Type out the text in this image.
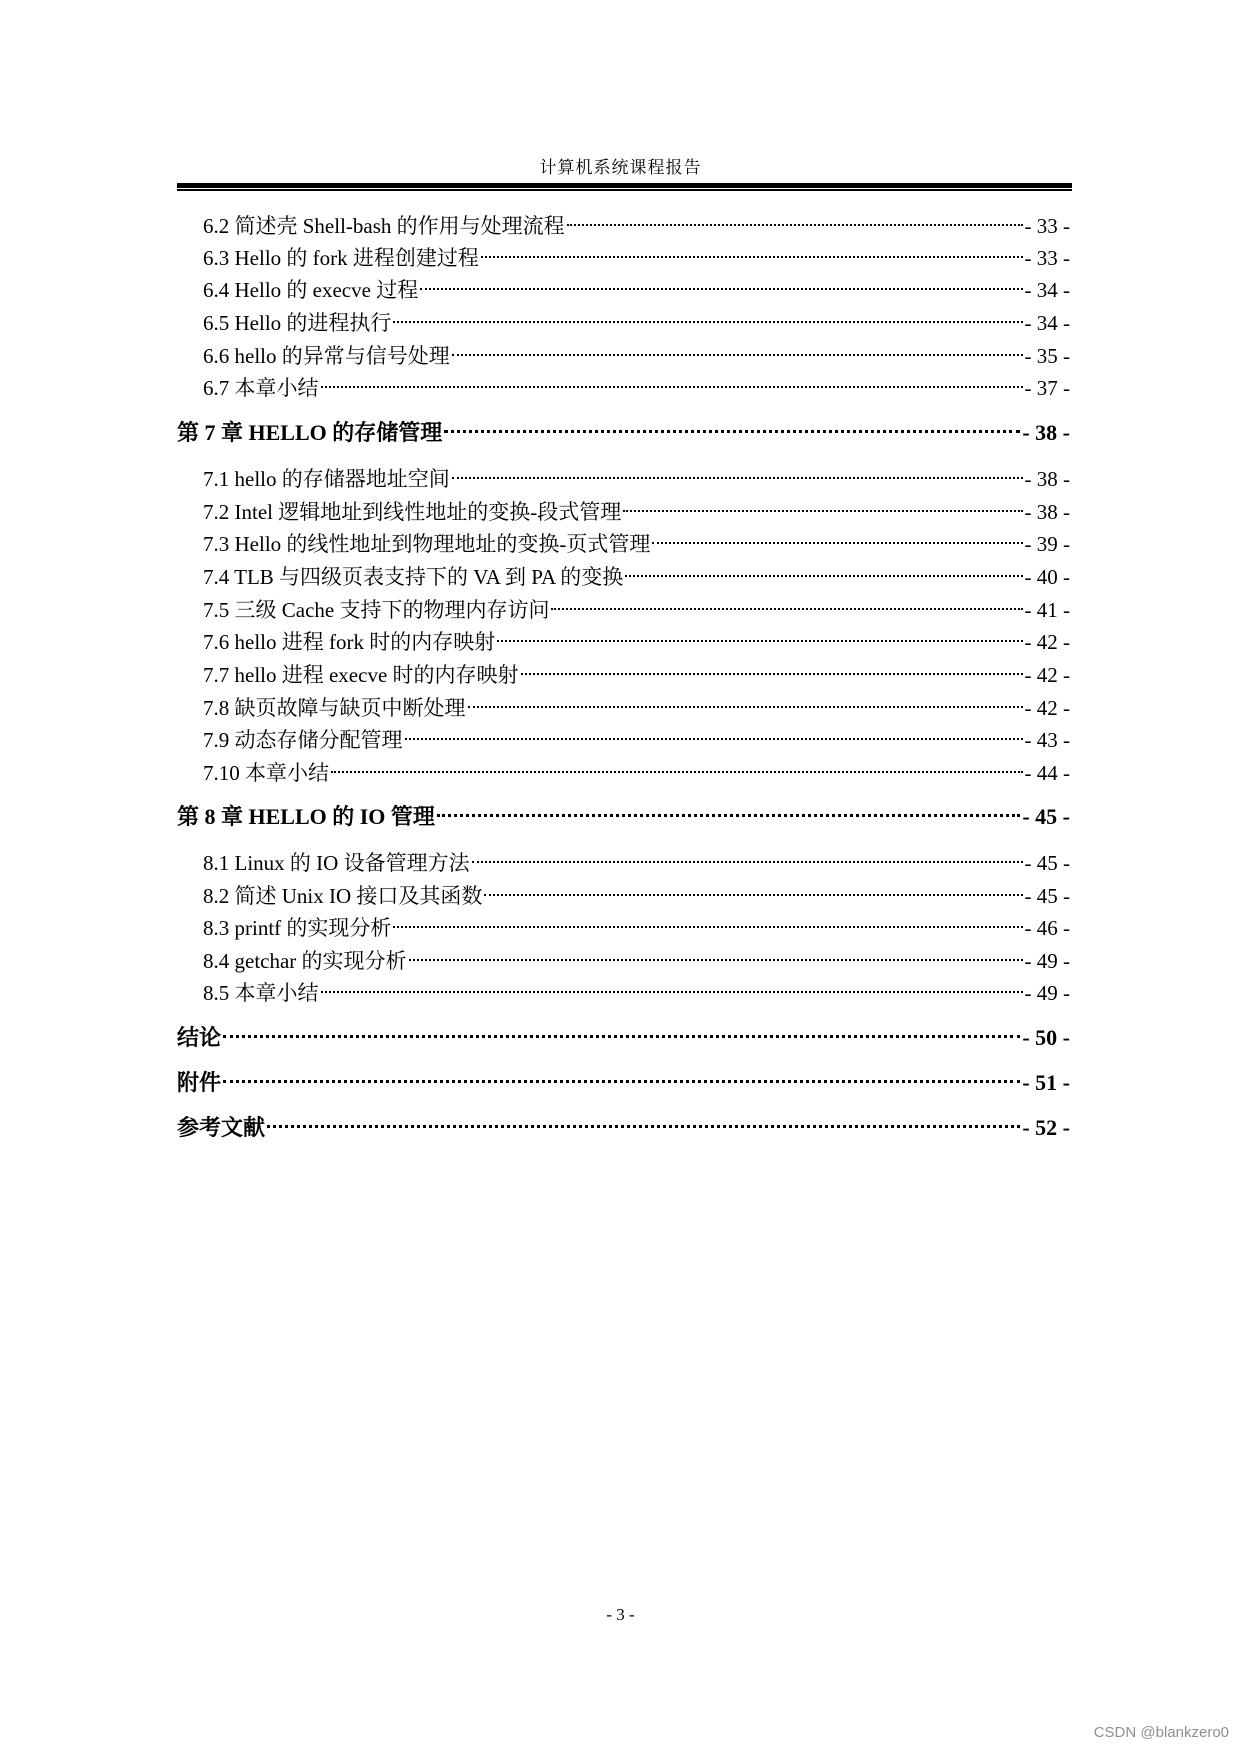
计算机系统课程报告
6.2 简述壳 Shell-bash 的作用与处理流程	- 33 -
6.3 Hello 的 fork 进程创建过程	- 33 -
6.4 Hello 的 execve 过程	- 34 -
6.5 Hello 的进程执行	- 34 -
6.6 hello 的异常与信号处理	- 35 -
6.7 本章小结	- 37 -
第 7 章 HELLO 的存储管理	- 38 -
7.1 hello 的存储器地址空间	- 38 -
7.2 Intel 逻辑地址到线性地址的变换-段式管理	- 38 -
7.3 Hello 的线性地址到物理地址的变换-页式管理	- 39 -
7.4 TLB 与四级页表支持下的 VA 到 PA 的变换	- 40 -
7.5 三级 Cache 支持下的物理内存访问	- 41 -
7.6 hello 进程 fork 时的内存映射	- 42 -
7.7 hello 进程 execve 时的内存映射	- 42 -
7.8 缺页故障与缺页中断处理	- 42 -
7.9 动态存储分配管理	- 43 -
7.10 本章小结	- 44 -
第 8 章 HELLO 的 IO 管理	- 45 -
8.1 Linux 的 IO 设备管理方法	- 45 -
8.2 简述 Unix IO 接口及其函数	- 45 -
8.3 printf 的实现分析	- 46 -
8.4 getchar 的实现分析	- 49 -
8.5 本章小结	- 49 -
结论	- 50 -
附件	- 51 -
参考文献	- 52 -
- 3 -
CSDN @blankzero0
